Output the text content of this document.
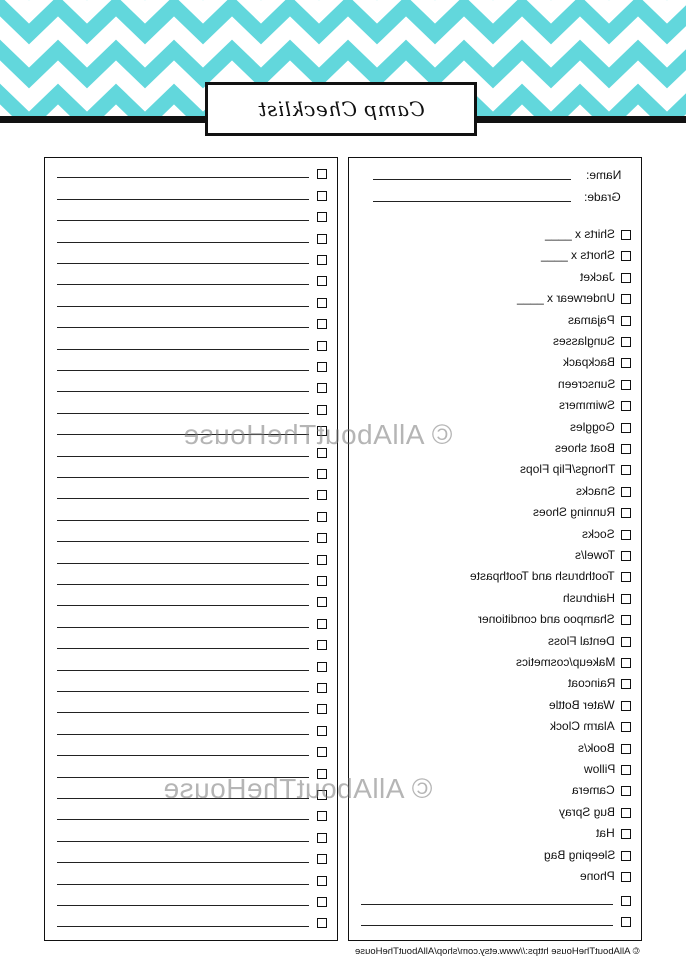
Camp Checklist
Name:
Grade:
Shirts x ____
Shorts x ____
Jacket
Underwear x ____
Pajamas
Sunglasses
Backpack
Sunscreen
Swimmers
Goggles
Boat shoes
Thongs/Flip Flops
Snacks
Running Shoes
Socks
Towel/s
Toothbrush and Toothpaste
Hairbrush
Shampoo and conditioner
Dental Floss
Makeup/cosmetics
Raincoat
Water Bottle
Alarm Clock
Book/s
Pillow
Camera
Bug Spray
Hat
Sleeping Bag
Phone
© AllAboutTheHouse
© AllAboutTheHouse
© AllAboutTheHouse https://www.etsy.com/shop/AllAboutTheHouse
